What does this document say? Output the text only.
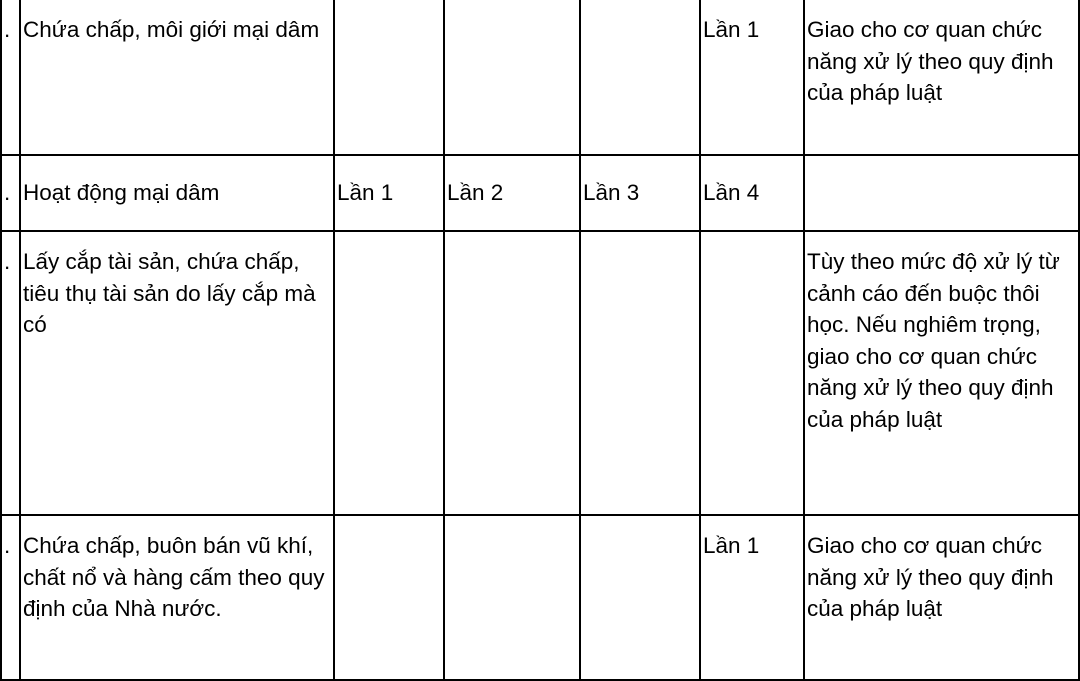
.	Chứa chấp, môi giới mại dâm				Lần 1	Giao cho cơ quan chức năng xử lý theo quy định của pháp luật
.	Hoạt động mại dâm	Lần 1	Lần 2	Lần 3	Lần 4	
.	Lấy cắp tài sản, chứa chấp, tiêu thụ tài sản do lấy cắp mà có					Tùy theo mức độ xử lý từ cảnh cáo đến buộc thôi học. Nếu nghiêm trọng, giao cho cơ quan chức năng xử lý theo quy định của pháp luật
.	Chứa chấp, buôn bán vũ khí, chất nổ và hàng cấm theo quy định của Nhà nước.				Lần 1	Giao cho cơ quan chức năng xử lý theo quy định của pháp luật
